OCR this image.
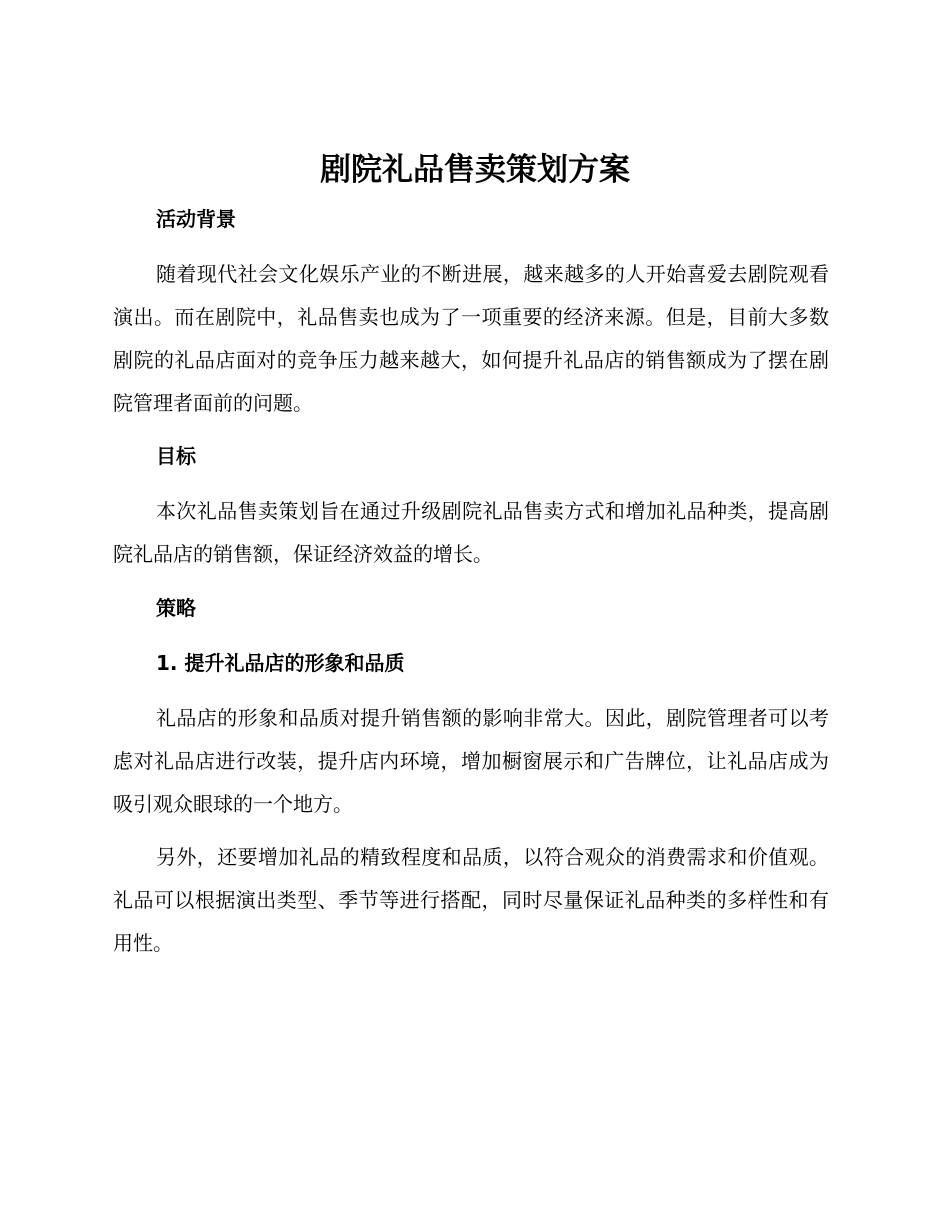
剧院礼品售卖策划方案
活动背景

随着现代社会文化娱乐产业的不断进展，越来越多的人开始喜爱去剧院观看演出。而在剧院中，礼品售卖也成为了一项重要的经济来源。但是，目前大多数剧院的礼品店面对的竞争压力越来越大，如何提升礼品店的销售额成为了摆在剧院管理者面前的问题。

目标

本次礼品售卖策划旨在通过升级剧院礼品售卖方式和增加礼品种类，提高剧院礼品店的销售额，保证经济效益的增长。

策略
1. 提升礼品店的形象和品质

礼品店的形象和品质对提升销售额的影响非常大。因此，剧院管理者可以考虑对礼品店进行改装，提升店内环境，增加橱窗展示和广告牌位，让礼品店成为吸引观众眼球的一个地方。

另外，还要增加礼品的精致程度和品质，以符合观众的消费需求和价值观。礼品可以根据演出类型、季节等进行搭配，同时尽量保证礼品种类的多样性和有用性。
